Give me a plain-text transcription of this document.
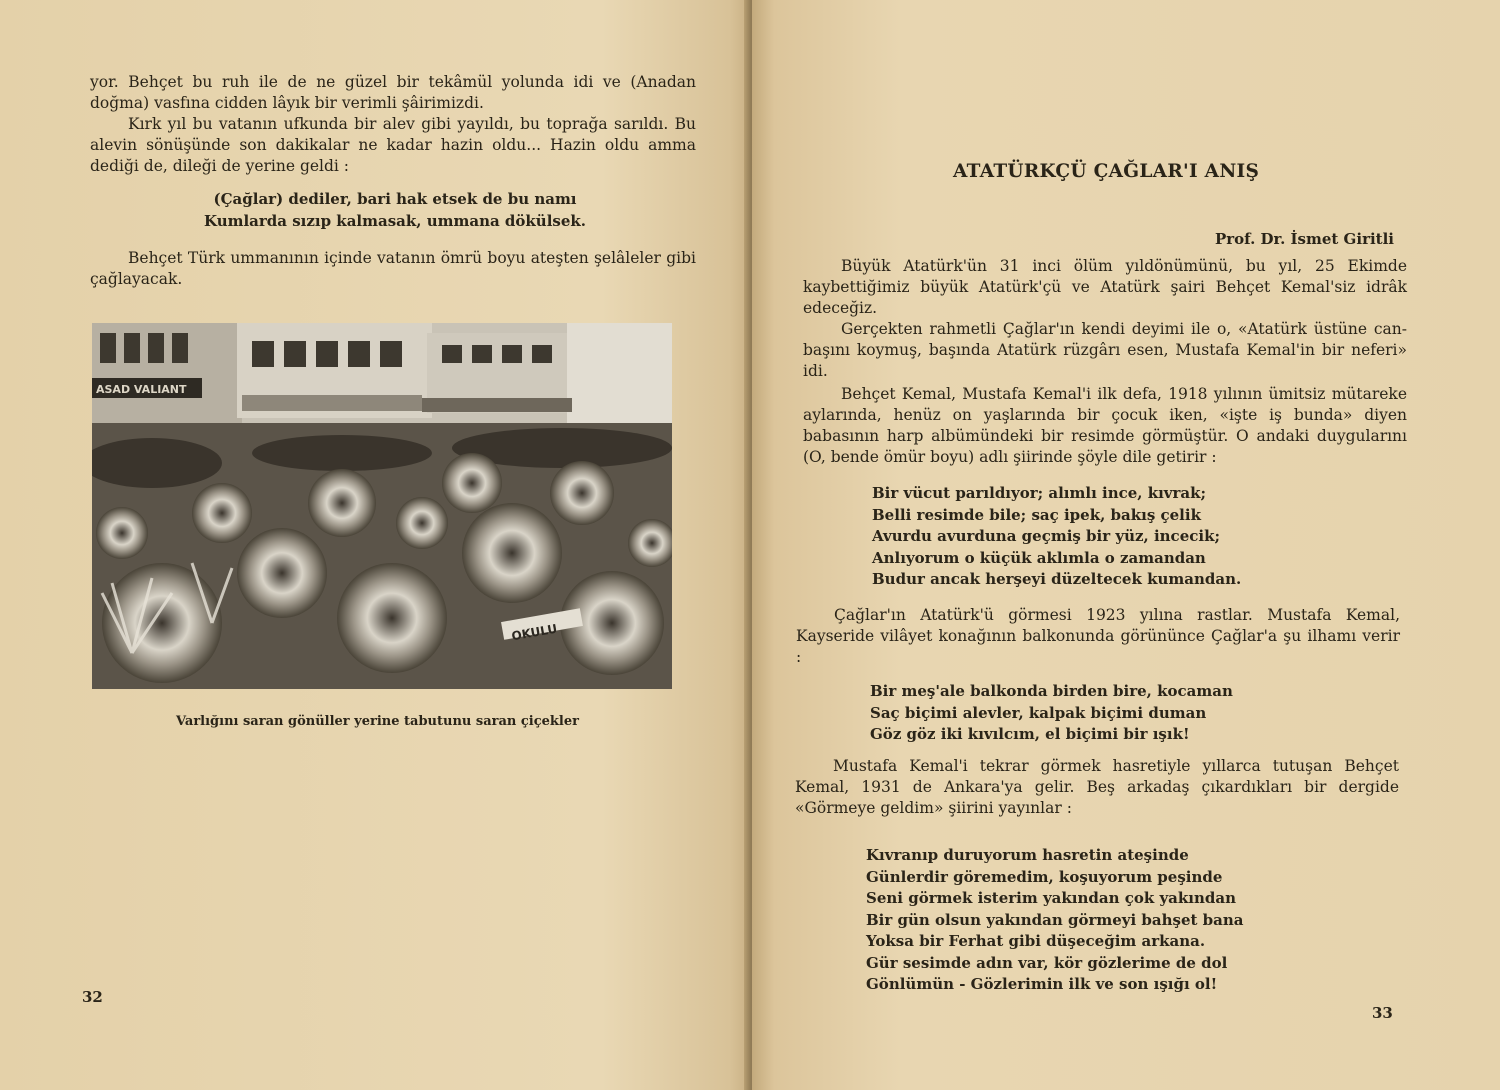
yor. Behçet bu ruh ile de ne güzel bir tekâmül yolunda idi ve (Anadan doğma) vasfına cidden lâyık bir verimli şâirimizdi.

Kırk yıl bu vatanın ufkunda bir alev gibi yayıldı, bu toprağa sarıldı. Bu alevin sönüşünde son dakikalar ne kadar hazin oldu... Hazin oldu amma dediği de, dileği de yerine geldi :

(Çağlar) dediler, bari hak etsek de bu namı
Kumlarda sızıp kalmasak, ummana dökülsek.

Behçet Türk ummanının içinde vatanın ömrü boyu ateşten şelâleler gibi çağlayacak.

ASAD VALIANT
OKULU
Varlığını saran gönüller yerine tabutunu saran çiçekler
32
ATATÜRKÇÜ ÇAĞLAR'I ANIŞ
Prof. Dr. İsmet Giritli

Büyük Atatürk'ün 31 inci ölüm yıldönümünü, bu yıl, 25 Ekimde kaybettiğimiz büyük Atatürk'çü ve Atatürk şairi Behçet Kemal'siz idrâk edeceğiz.

Gerçekten rahmetli Çağlar'ın kendi deyimi ile o, «Atatürk üstüne can-başını koymuş, başında Atatürk rüzgârı esen, Mustafa Kemal'in bir neferi» idi.

Behçet Kemal, Mustafa Kemal'i ilk defa, 1918 yılının ümitsiz mütareke aylarında, henüz on yaşlarında bir çocuk iken, «işte iş bunda» diyen babasının harp albümündeki bir resimde görmüştür. O andaki duygularını (O, bende ömür boyu) adlı şiirinde şöyle dile getirir :

Bir vücut parıldıyor; alımlı ince, kıvrak;
Belli resimde bile; saç ipek, bakış çelik
Avurdu avurduna geçmiş bir yüz, incecik;
Anlıyorum o küçük aklımla o zamandan
Budur ancak herşeyi düzeltecek kumandan.

Çağlar'ın Atatürk'ü görmesi 1923 yılına rastlar. Mustafa Kemal, Kayseride vilâyet konağının balkonunda görününce Çağlar'a şu ilhamı verir :

Bir meş'ale balkonda birden bire, kocaman
Saç biçimi alevler, kalpak biçimi duman
Göz göz iki kıvılcım, el biçimi bir ışık!

Mustafa Kemal'i tekrar görmek hasretiyle yıllarca tutuşan Behçet Kemal, 1931 de Ankara'ya gelir. Beş arkadaş çıkardıkları bir dergide «Görmeye geldim» şiirini yayınlar :

Kıvranıp duruyorum hasretin ateşinde
Günlerdir göremedim, koşuyorum peşinde
Seni görmek isterim yakından çok yakından
Bir gün olsun yakından görmeyi bahşet bana
Yoksa bir Ferhat gibi düşeceğim arkana.
Gür sesimde adın var, kör gözlerime de dol
Gönlümün - Gözlerimin ilk ve son ışığı ol!
33
